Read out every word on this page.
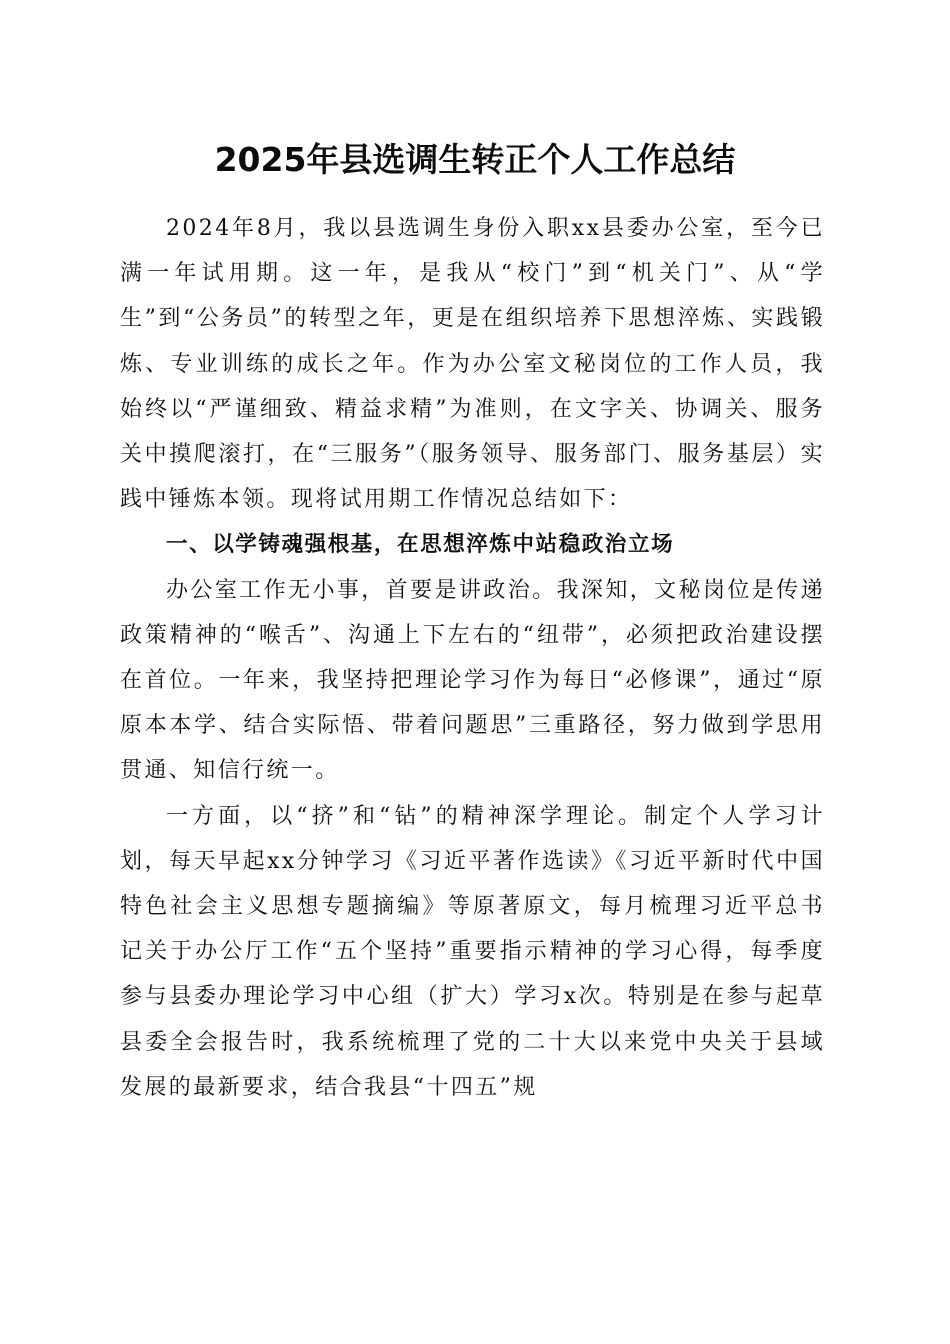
2025年县选调生转正个人工作总结

2024年8月，我以县选调生身份入职xx县委办公室，至今已满一年试用期。这一年，是我从“校门”到“机关门”、从“学生”到“公务员”的转型之年，更是在组织培养下思想淬炼、实践锻炼、专业训练的成长之年。作为办公室文秘岗位的工作人员，我始终以“严谨细致、精益求精”为准则，在文字关、协调关、服务关中摸爬滚打，在“三服务”（服务领导、服务部门、服务基层）实践中锤炼本领。现将试用期工作情况总结如下：

一、以学铸魂强根基，在思想淬炼中站稳政治立场

办公室工作无小事，首要是讲政治。我深知，文秘岗位是传递政策精神的“喉舌”、沟通上下左右的“纽带”，必须把政治建设摆在首位。一年来，我坚持把理论学习作为每日“必修课”，通过“原原本本学、结合实际悟、带着问题思”三重路径，努力做到学思用贯通、知信行统一。

一方面，以“挤”和“钻”的精神深学理论。制定个人学习计划，每天早起xx分钟学习《习近平著作选读》《习近平新时代中国特色社会主义思想专题摘编》等原著原文，每月梳理习近平总书记关于办公厅工作“五个坚持”重要指示精神的学习心得，每季度参与县委办理论学习中心组（扩大）学习x次。特别是在参与起草县委全会报告时，我系统梳理了党的二十大以来党中央关于县域发展的最新要求，结合我县“十四五”规
